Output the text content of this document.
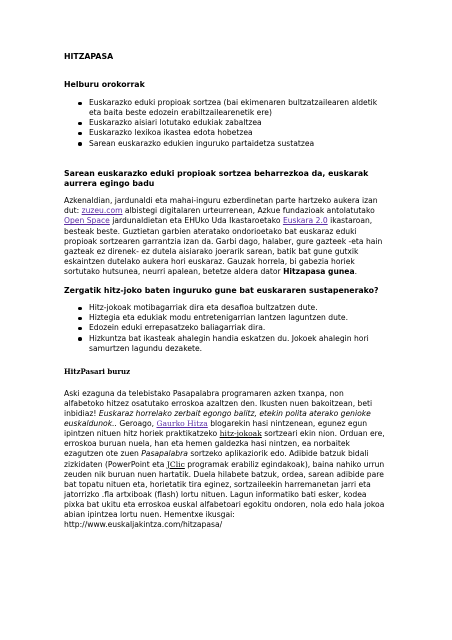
HITZAPASA
Helburu orokorrak
Euskarazko eduki propioak sortzea (bai ekimenaren bultzatzailearen aldetik eta baita beste edozein erabiltzailearenetik ere)
Euskarazko aisiari lotutako edukiak zabaltzea
Euskarazko lexikoa ikastea edota hobetzea
Sarean euskarazko edukien inguruko partaidetza sustatzea
Sarean euskarazko eduki propioak sortzea beharrezkoa da, euskarak aurrera egingo badu

Azkenaldian, jardunaldi eta mahai-inguru ezberdinetan parte hartzeko aukera izan dut: zuzeu.com albistegi digitalaren urteurrenean, Azkue fundazioak antolatutako Open Space jardunaldietan eta EHUko Uda Ikastaroetako Euskara 2.0 ikastaroan, besteak beste. Guztietan garbien ateratako ondorioetako bat euskaraz eduki propioak sortzearen garrantzia izan da. Garbi dago, halaber, gure gazteek -eta hain gazteak ez direnek- ez dutela aisiarako joerarik sarean, batik bat gune gutxik eskaintzen dutelako aukera hori euskaraz. Gauzak horrela, bi gabezia horiek sortutako hutsunea, neurri apalean, betetze aldera dator Hitzapasa gunea.

Zergatik hitz-joko baten inguruko gune bat euskararen sustapenerako?
Hitz-jokoak motibagarriak dira eta desafioa bultzatzen dute.
Hiztegia eta edukiak modu entretenigarrian lantzen laguntzen dute.
Edozein eduki errepasatzeko baliagarriak dira.
Hizkuntza bat ikasteak ahalegin handia eskatzen du. Jokoek ahalegin hori samurtzen lagundu dezakete.
HitzPasari buruz

Aski ezaguna da telebistako Pasapalabra programaren azken txanpa, non alfabetoko hitzez osatutako erroskoa azaltzen den. Ikusten nuen bakoitzean, beti inbidiaz! Euskaraz horrelako zerbait egongo balitz, etekin polita aterako genioke euskaldunok.. Geroago, Gaurko Hitza blogarekin hasi nintzenean, egunez egun ipintzen nituen hitz horiek praktikatzeko hitz-jokoak sortzeari ekin nion. Orduan ere, erroskoa buruan nuela, han eta hemen galdezka hasi nintzen, ea norbaitek ezagutzen ote zuen Pasapalabra sortzeko aplikaziorik edo. Adibide batzuk bidali zizkidaten (PowerPoint eta JClic programak erabiliz egindakoak), baina nahiko urrun zeuden nik buruan nuen hartatik. Duela hilabete batzuk, ordea, sarean adibide pare bat topatu nituen eta, horietatik tira eginez, sortzaileekin harremanetan jarri eta jatorrizko .fla artxiboak (flash) lortu nituen. Lagun informatiko bati esker, kodea pixka bat ukitu eta erroskoa euskal alfabetoari egokitu ondoren, nola edo hala jokoa abian ipintzea lortu nuen. Hementxe ikusgai: http://www.euskaljakintza.com/hitzapasa/
